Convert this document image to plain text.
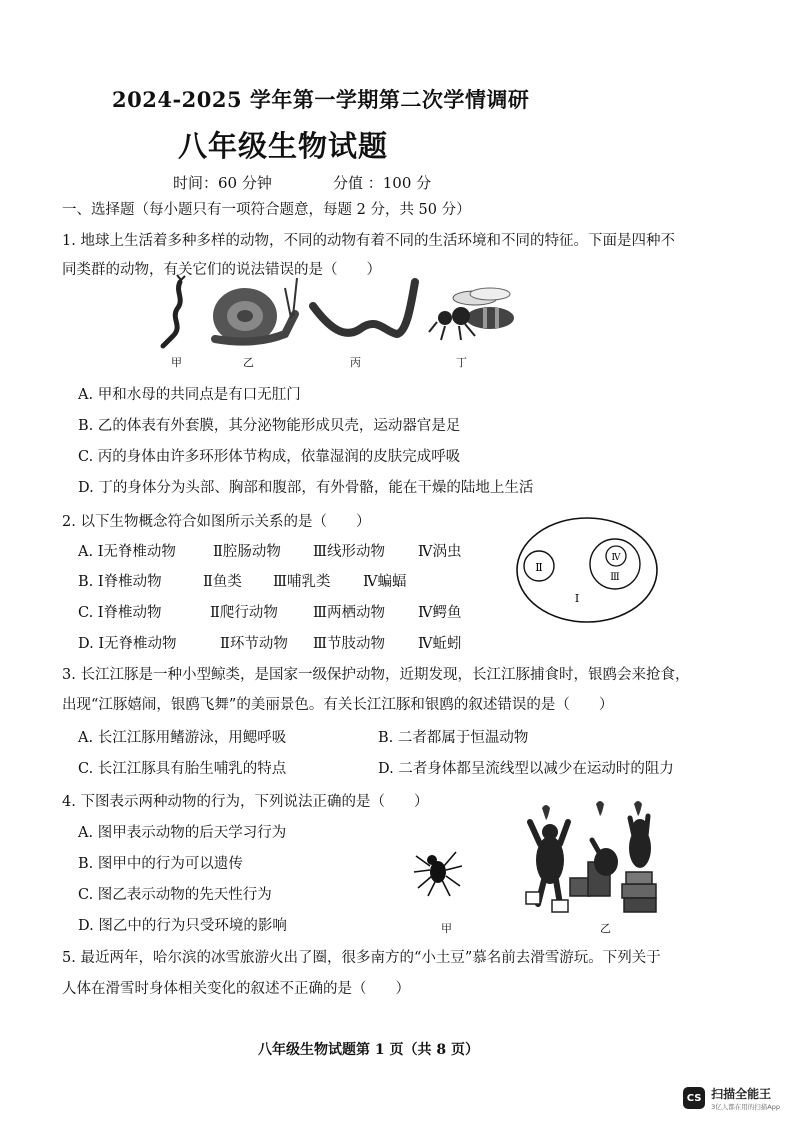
2024-2025 学年第一学期第二次学情调研
八年级生物试题
时间：60 分钟	分值 ：100 分
一、选择题（每小题只有一项符合题意，每题 2 分，共 50 分）
1. 地球上生活着多种多样的动物，不同的动物有着不同的生活环境和不同的特征。下面是四种不
同类群的动物，有关它们的说法错误的是（　　）
甲	乙	丙	丁
A. 甲和水母的共同点是有口无肛门
B. 乙的体表有外套膜，其分泌物能形成贝壳，运动器官是足
C. 丙的身体由许多环形体节构成，依靠湿润的皮肤完成呼吸
D. 丁的身体分为头部、胸部和腹部，有外骨骼，能在干燥的陆地上生活
2. 以下生物概念符合如图所示关系的是（　　）
A. Ⅰ无脊椎动物	Ⅱ腔肠动物 Ⅲ线形动物 Ⅳ涡虫
B. Ⅰ脊椎动物	Ⅱ鱼类 Ⅲ哺乳类 Ⅳ蝙蝠
C. Ⅰ脊椎动物	Ⅱ爬行动物 Ⅲ两栖动物 Ⅳ鳄鱼
D. Ⅰ无脊椎动物	Ⅱ环节动物 Ⅲ节肢动物 Ⅳ蚯蚓
Ⅱ
Ⅳ
Ⅲ
Ⅰ
3. 长江江豚是一种小型鲸类，是国家一级保护动物，近期发现，长江江豚捕食时，银鸥会来抢食，
出现“江豚嬉闹，银鸥飞舞”的美丽景色。有关长江江豚和银鸥的叙述错误的是（　　）
A. 长江江豚用鳍游泳，用鳃呼吸	B. 二者都属于恒温动物
C. 长江江豚具有胎生哺乳的特点	D. 二者身体都呈流线型以减少在运动时的阻力
4. 下图表示两种动物的行为，下列说法正确的是（　　）
A. 图甲表示动物的后天学习行为
B. 图甲中的行为可以遗传
C. 图乙表示动物的先天性行为
D. 图乙中的行为只受环境的影响	甲	乙
5. 最近两年，哈尔滨的冰雪旅游火出了圈，很多南方的“小土豆”慕名前去滑雪游玩。下列关于
人体在滑雪时身体相关变化的叙述不正确的是（　　）
八年级生物试题第 1 页（共 8 页）
CS 扫描全能王
3亿人都在用的扫描App
